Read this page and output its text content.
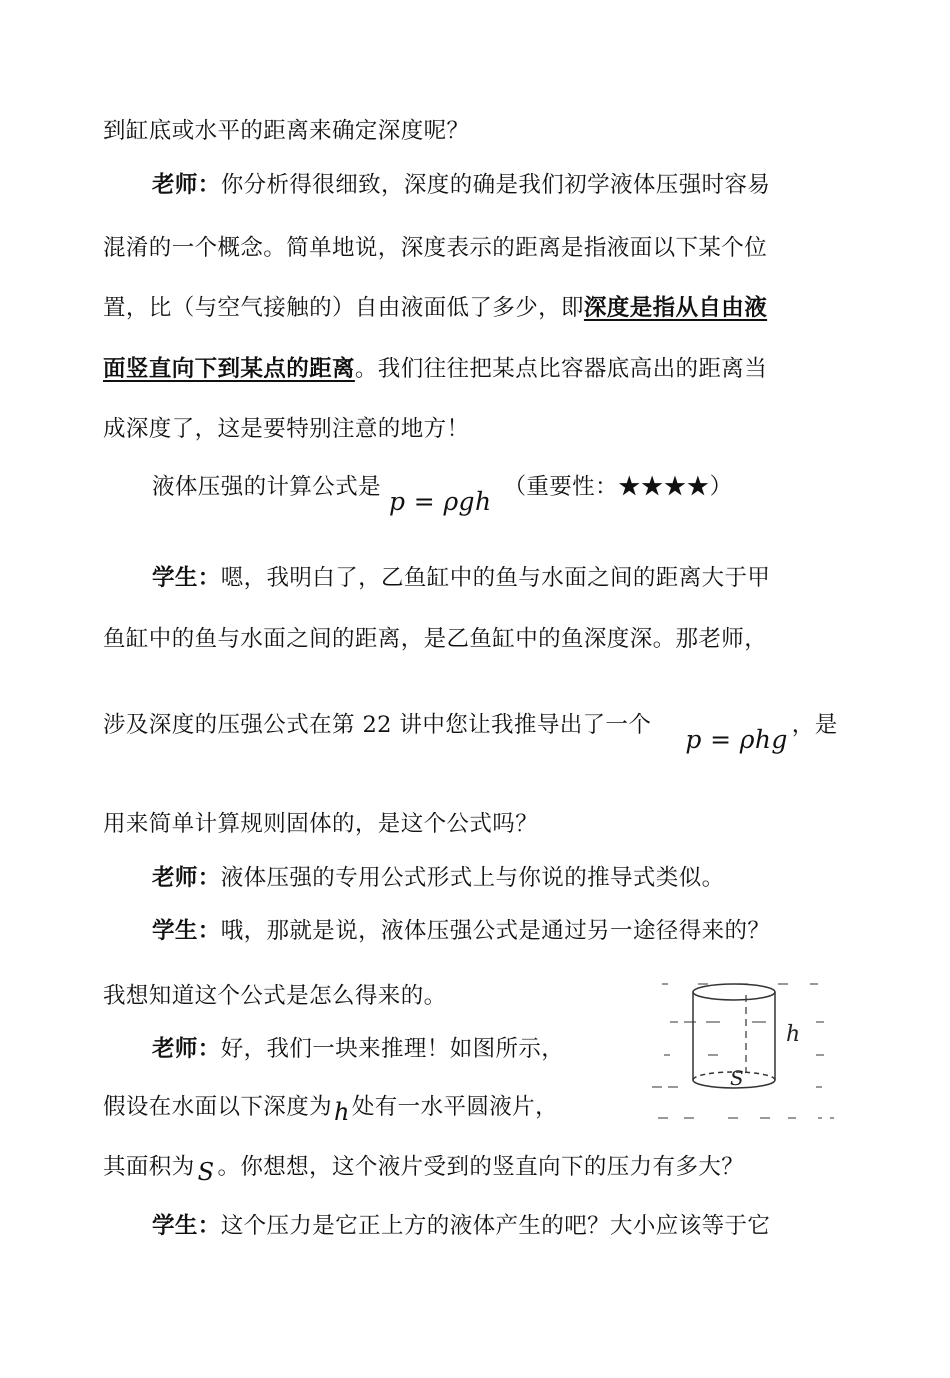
到缸底或水平的距离来确定深度呢？
老师：你分析得很细致，深度的确是我们初学液体压强时容易
混淆的一个概念。简单地说，深度表示的距离是指液面以下某个位
置，比（与空气接触的）自由液面低了多少，即深度是指从自由液
面竖直向下到某点的距离。我们往往把某点比容器底高出的距离当
成深度了，这是要特别注意的地方！
液体压强的计算公式是 p = ρgh （重要性：★★★★）
学生：嗯，我明白了，乙鱼缸中的鱼与水面之间的距离大于甲
鱼缸中的鱼与水面之间的距离，是乙鱼缸中的鱼深度深。那老师，
涉及深度的压强公式在第 22 讲中您让我推导出了一个 p = ρhg ，是
用来简单计算规则固体的，是这个公式吗？
老师：液体压强的专用公式形式上与你说的推导式类似。
学生：哦，那就是说，液体压强公式是通过另一途径得来的？
我想知道这个公式是怎么得来的。
老师：好，我们一块来推理！如图所示，
假设在水面以下深度为h处有一水平圆液片，
其面积为 S 。你想想，这个液片受到的竖直向下的压力有多大？
学生：这个压力是它正上方的液体产生的吧？大小应该等于它
h
S
